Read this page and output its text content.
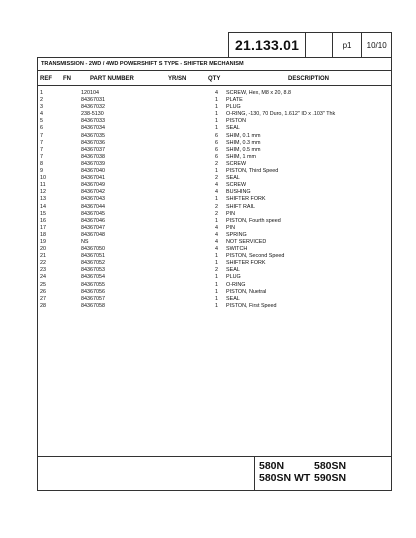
21.133.01	p1	10/10
TRANSMISSION - 2WD / 4WD POWERSHIFT S TYPE - SHIFTER MECHANISM
REF FN	PART NUMBER	YR/SN	QTY	DESCRIPTION
1	120104	4 SCREW, Hex, M8 x 20, 8.8
2	84367031	1 PLATE
3	84367032	1 PLUG
4	238-5130	1 O-RING, -130, 70 Duro, 1.612" ID x .103" Thk
5	84367033	1 PISTON
6	84367034	1 SEAL
7	84367035	6 SHIM, 0.1 mm
7	84367036	6 SHIM, 0.3 mm
7	84367037	6 SHIM, 0.5 mm
7	84367038	6 SHIM, 1 mm
8	84367039	2 SCREW
9	84367040	1 PISTON, Third Speed
10	84367041	2 SEAL
11	84367049	4 SCREW
12	84367042	4 BUSHING
13	84367043	1 SHIFTER FORK
14	84367044	2 SHIFT RAIL
15	84367045	2 PIN
16	84367046	1 PISTON, Fourth speed
17	84367047	4 PIN
18	84367048	4 SPRING
19	NS	4 NOT SERVICED
20	84367050	4 SWITCH
21	84367051	1 PISTON, Second Speed
22	84367052	1 SHIFTER FORK
23	84367053	2 SEAL
24	84367054	1 PLUG
25	84367055	1 O-RING
26	84367056	1 PISTON, Nuetral
27	84367057	1 SEAL
28	84367058	1 PISTON, First Speed
580N	580SN
580SN WT 590SN
